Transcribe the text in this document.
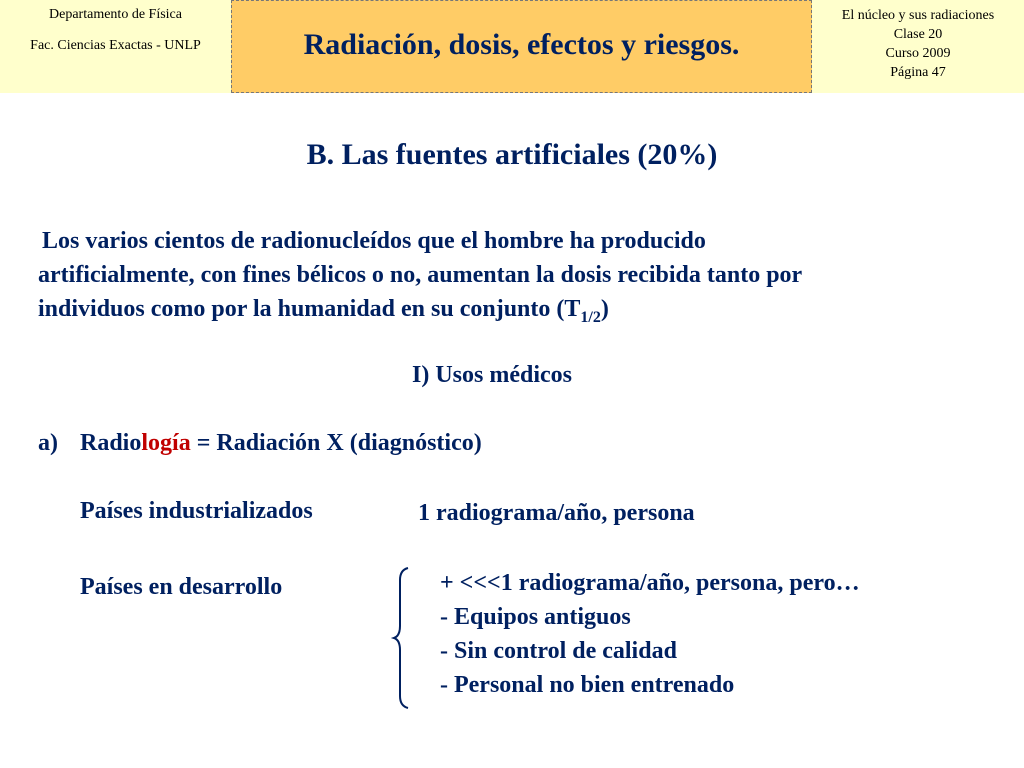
Departamento de Física
Fac. Ciencias Exactas - UNLP	Radiación, dosis, efectos y riesgos.
El núcleo y sus radiaciones
Clase 20
Curso 2009
Página 47
B. Las fuentes artificiales (20%)
Los varios cientos de radionucleídos que el hombre ha producido
artificialmente, con fines bélicos o no, aumentan la dosis recibida tanto por
individuos como por la humanidad en su conjunto $(T_{1/2})$
I) Usos médicos
a) Radiología = Radiación X (diagnóstico)
Países industrializados	1 radiograma/año, persona
Países en desarrollo	+ <<<1 radiograma/año, persona, pero…
- Equipos antiguos
- Sin control de calidad
- Personal no bien entrenado
